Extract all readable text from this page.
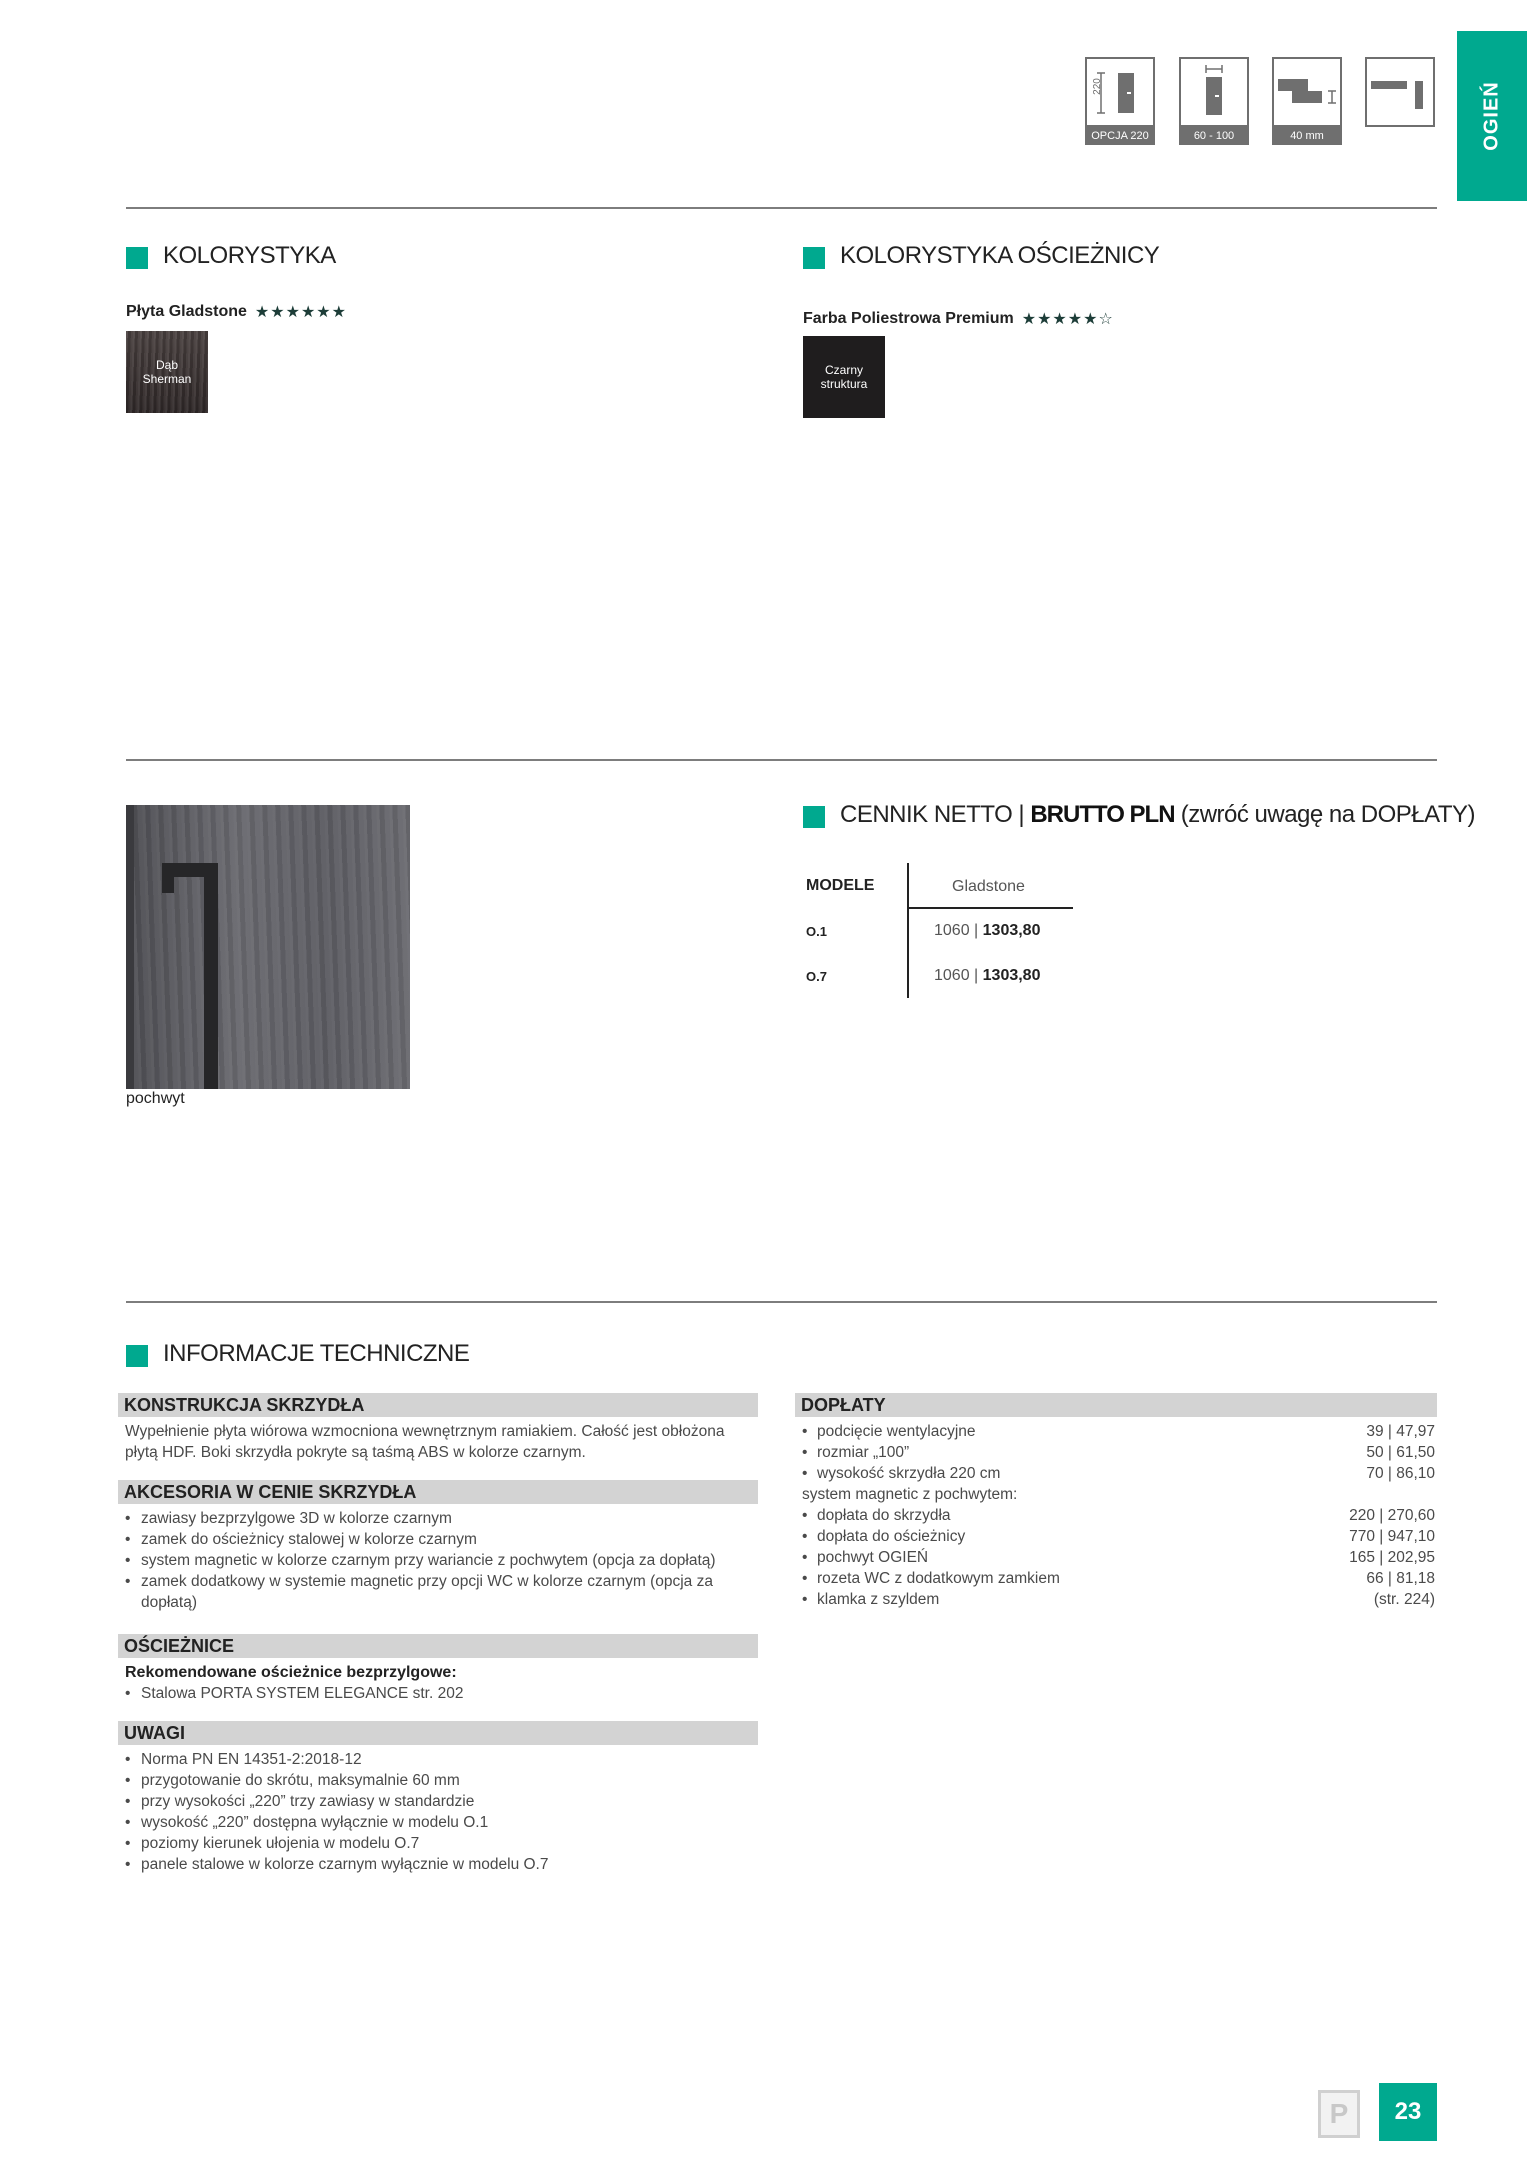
OGIEŃ
220
OPCJA 220	60 - 100	40 mm
KOLORYSTYKA
Płyta Gladstone ★★★★★★
Dąb Sherman
KOLORYSTYKA OŚCIEŻNICY
Farba Poliestrowa Premium ★★★★★☆
Czarny struktura
pochwyt
CENNIK NETTO | BRUTTO PLN (zwróć uwagę na DOPŁATY)
MODELE	Gladstone
O.1	1060 | 1303,80
O.7	1060 | 1303,80
INFORMACJE TECHNICZNE
KONSTRUKCJA SKRZYDŁA
Wypełnienie płyta wiórowa wzmocniona wewnętrznym ramiakiem. Całość jest obłożona płytą HDF. Boki skrzydła pokryte są taśmą ABS w kolorze czarnym.
AKCESORIA W CENIE SKRZYDŁA
• zawiasy bezprzylgowe 3D w kolorze czarnym
• zamek do ościeżnicy stalowej w kolorze czarnym
• system magnetic w kolorze czarnym przy wariancie z pochwytem (opcja za dopłatą)
• zamek dodatkowy w systemie magnetic przy opcji WC w kolorze czarnym (opcja za dopłatą)
OŚCIEŻNICE
Rekomendowane ościeżnice bezprzylgowe:
• Stalowa PORTA SYSTEM ELEGANCE str. 202
UWAGI
• Norma PN EN 14351-2:2018-12
• przygotowanie do skrótu, maksymalnie 60 mm
• przy wysokości „220” trzy zawiasy w standardzie
• wysokość „220” dostępna wyłącznie w modelu O.1
• poziomy kierunek ułojenia w modelu O.7
• panele stalowe w kolorze czarnym wyłącznie w modelu O.7
DOPŁATY
• podcięcie wentylacyjne	39 | 47,97
• rozmiar „100”	50 | 61,50
• wysokość skrzydła 220 cm	70 | 86,10
system magnetic z pochwytem:
• dopłata do skrzydła	220 | 270,60
• dopłata do ościeżnicy	770 | 947,10
• pochwyt OGIEŃ	165 | 202,95
• rozeta WC z dodatkowym zamkiem	66 | 81,18
• klamka z szyldem	(str. 224)
P	23
